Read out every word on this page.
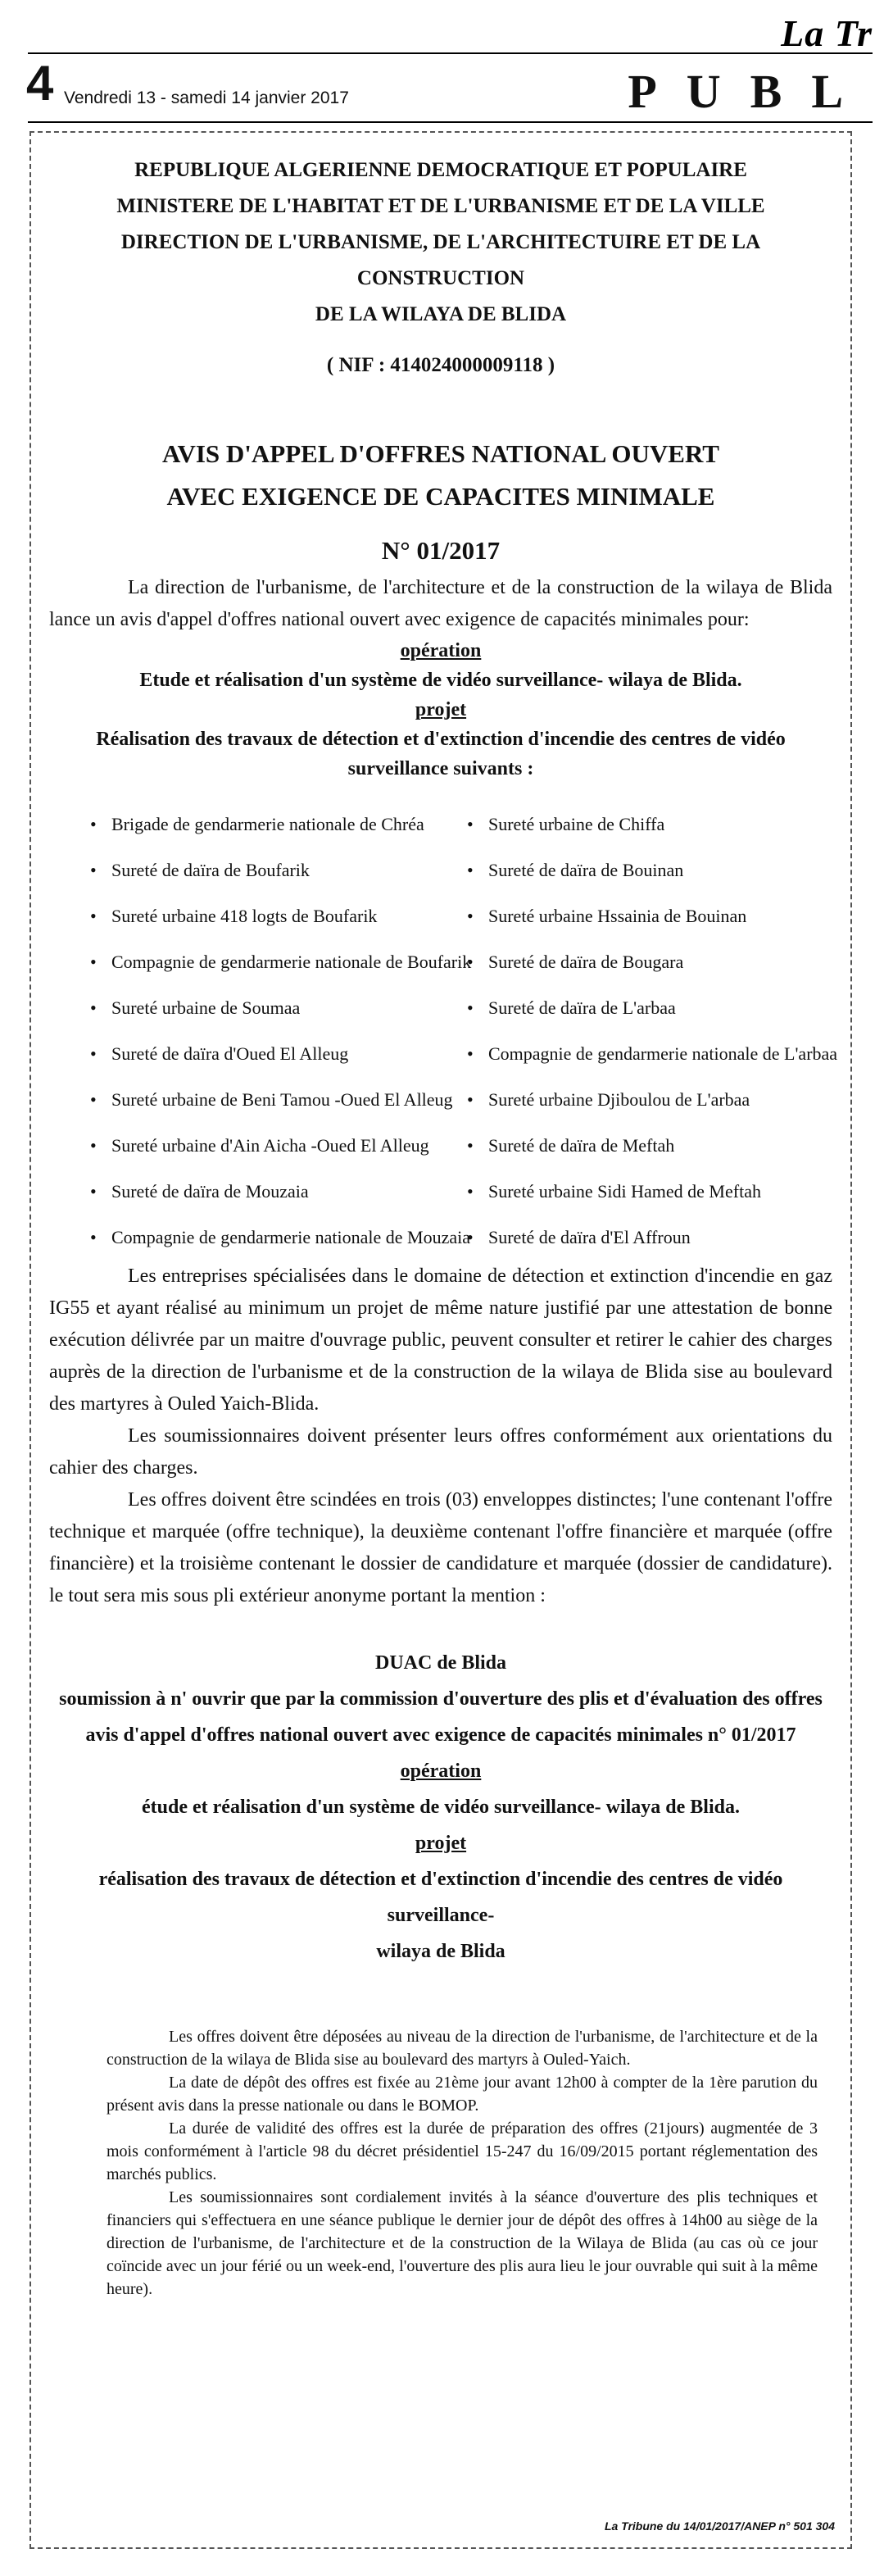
La Tr
4 Vendredi 13 - samedi 14 janvier 2017	PUBL
REPUBLIQUE ALGERIENNE DEMOCRATIQUE ET POPULAIRE
MINISTERE DE L'HABITAT ET DE L'URBANISME ET DE LA VILLE
DIRECTION DE L'URBANISME, DE L'ARCHITECTUIRE ET DE LA CONSTRUCTION
DE LA WILAYA DE BLIDA
( NIF : 414024000009118 )
AVIS D'APPEL D'OFFRES NATIONAL OUVERT
AVEC EXIGENCE DE CAPACITES MINIMALE
N° 01/2017

La direction de l'urbanisme, de l'architecture et de la construction de la wilaya de Blida lance un avis d'appel d'offres national ouvert avec exigence de capacités minimales pour:

opération
Etude et réalisation d'un système de vidéo surveillance- wilaya de Blida.
projet
Réalisation des travaux de détection et d'extinction d'incendie des centres de vidéo surveillance suivants :
• Brigade de gendarmerie nationale de Chréa
• Sureté de daïra de Boufarik
• Sureté urbaine 418 logts de Boufarik
• Compagnie de gendarmerie nationale de Boufarik
• Sureté urbaine de Soumaa
• Sureté de daïra d'Oued El Alleug
• Sureté urbaine de Beni Tamou -Oued El Alleug
• Sureté urbaine d'Ain Aicha -Oued El Alleug
• Sureté de daïra de Mouzaia
• Compagnie de gendarmerie nationale de Mouzaia
• Sureté urbaine de Chiffa
• Sureté de daïra de Bouinan
• Sureté urbaine Hssainia de Bouinan
• Sureté de daïra de Bougara
• Sureté de daïra de L'arbaa
• Compagnie de gendarmerie nationale de L'arbaa
• Sureté urbaine Djiboulou de L'arbaa
• Sureté de daïra de Meftah
• Sureté urbaine Sidi Hamed de Meftah
• Sureté de daïra d'El Affroun

Les entreprises spécialisées dans le domaine de détection et extinction d'incendie en gaz IG55 et ayant réalisé au minimum un projet de même nature justifié par une attestation de bonne exécution délivrée par un maitre d'ouvrage public, peuvent consulter et retirer le cahier des charges auprès de la direction de l'urbanisme et de la construction de la wilaya de Blida sise au boulevard des martyres à Ouled Yaich-Blida.

Les soumissionnaires doivent présenter leurs offres conformément aux orientations du cahier des charges.

Les offres doivent être scindées en trois (03) enveloppes distinctes; l'une contenant l'offre technique et marquée (offre technique), la deuxième contenant l'offre financière et marquée (offre financière) et la troisième contenant le dossier de candidature et marquée (dossier de candidature). le tout sera mis sous pli extérieur anonyme portant la mention :

DUAC de Blida
soumission à n' ouvrir que par la commission d'ouverture des plis et d'évaluation des offres
avis d'appel d'offres national ouvert avec exigence de capacités minimales n° 01/2017
opération
étude et réalisation d'un système de vidéo surveillance- wilaya de Blida.
projet
réalisation des travaux de détection et d'extinction d'incendie des centres de vidéo surveillance-
wilaya de Blida

Les offres doivent être déposées au niveau de la direction de l'urbanisme, de l'architecture et de la construction de la wilaya de Blida sise au boulevard des martyrs à Ouled-Yaich.

La date de dépôt des offres est fixée au 21ème jour avant 12h00 à compter de la 1ère parution du présent avis dans la presse nationale ou dans le BOMOP.

La durée de validité des offres est la durée de préparation des offres (21jours) augmentée de 3 mois conformément à l'article 98 du décret présidentiel 15-247 du 16/09/2015 portant réglementation des marchés publics.

Les soumissionnaires sont cordialement invités à la séance d'ouverture des plis techniques et financiers qui s'effectuera en une séance publique le dernier jour de dépôt des offres à 14h00 au siège de la direction de l'urbanisme, de l'architecture et de la construction de la Wilaya de Blida (au cas où ce jour coïncide avec un jour férié ou un week-end, l'ouverture des plis aura lieu le jour ouvrable qui suit à la même heure).

La Tribune du 14/01/2017/ANEP n° 501 304
